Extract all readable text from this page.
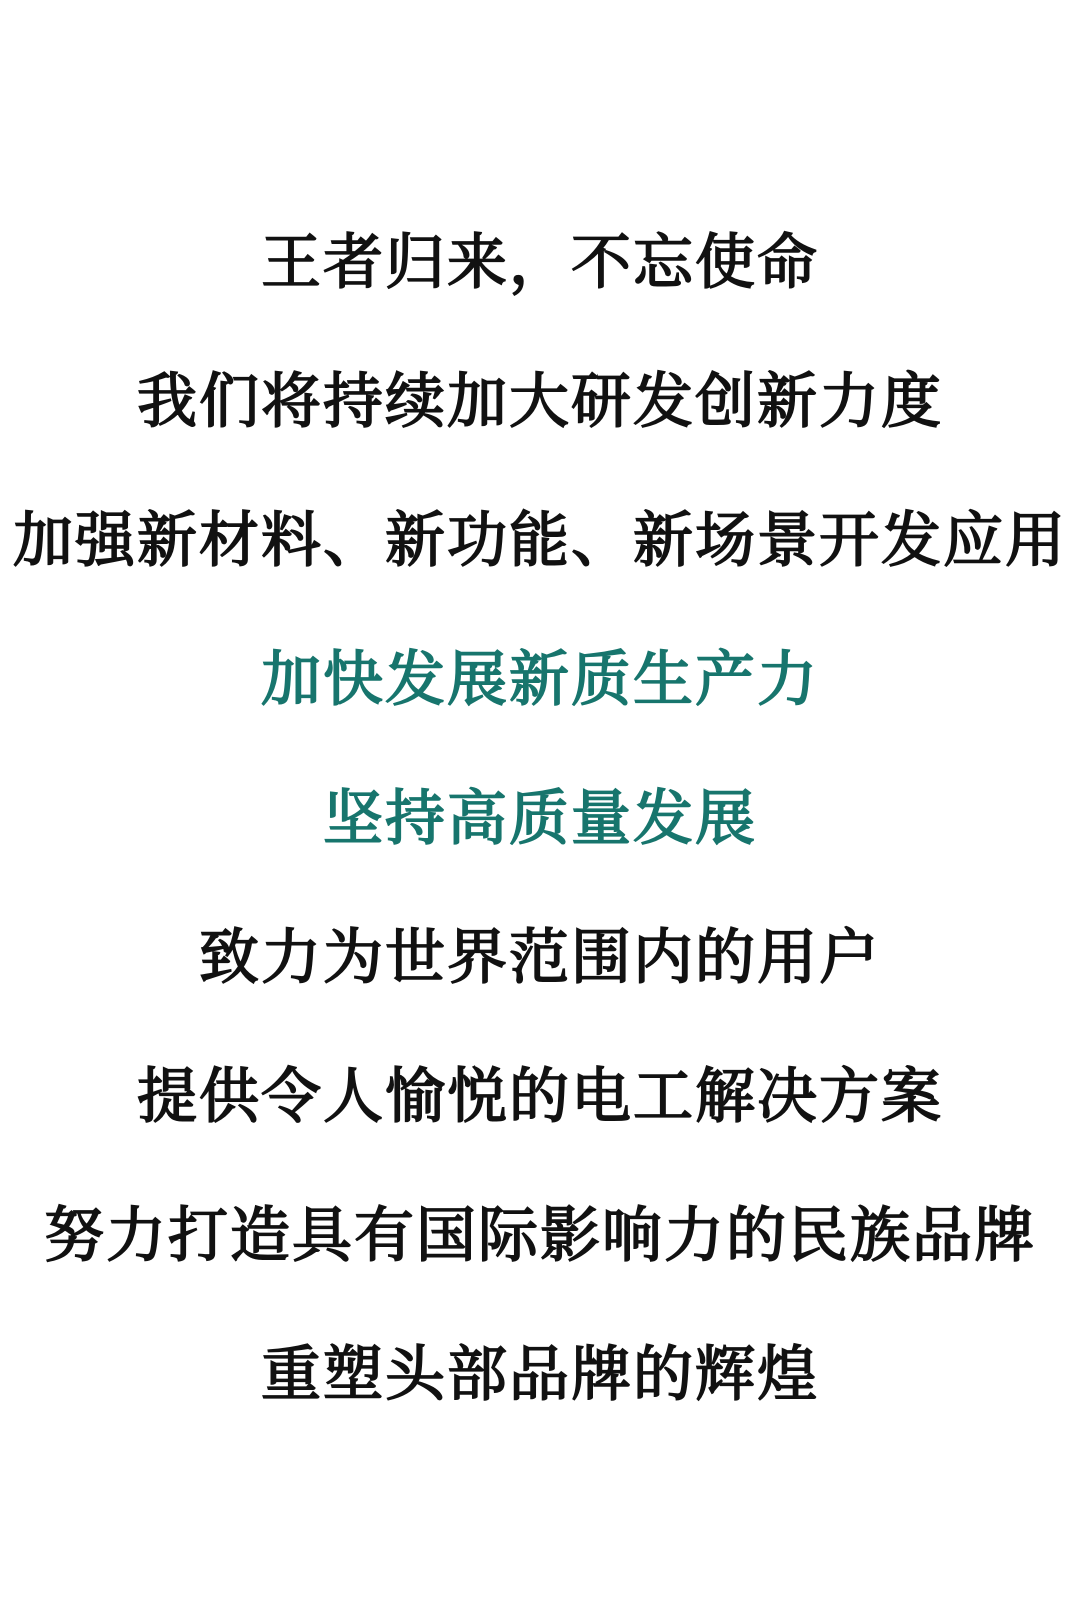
王者归来，不忘使命
我们将持续加大研发创新力度
加强新材料、新功能、新场景开发应用
加快发展新质生产力
坚持高质量发展
致力为世界范围内的用户
提供令人愉悦的电工解决方案
努力打造具有国际影响力的民族品牌
重塑头部品牌的辉煌
